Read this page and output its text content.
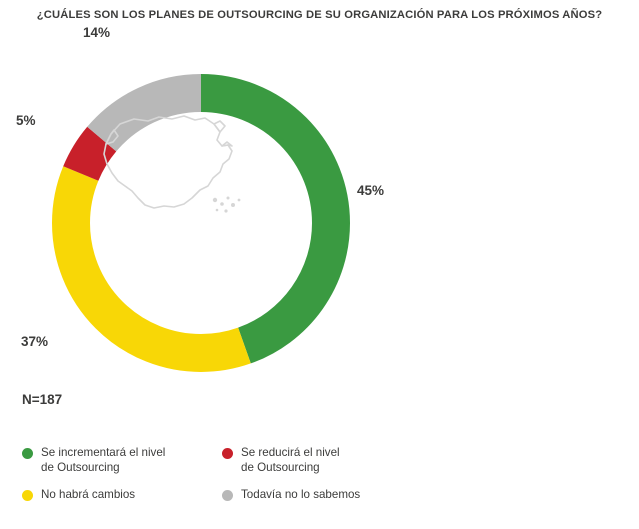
¿CUÁLES SON LOS PLANES DE OUTSOURCING DE SU ORGANIZACIÓN PARA LOS PRÓXIMOS AÑOS?
14%
5%
45%
37%
N=187
Se incrementará el nivel
de Outsourcing
Se reducirá el nivel
de Outsourcing
No habrá cambios	Todavía no lo sabemos
